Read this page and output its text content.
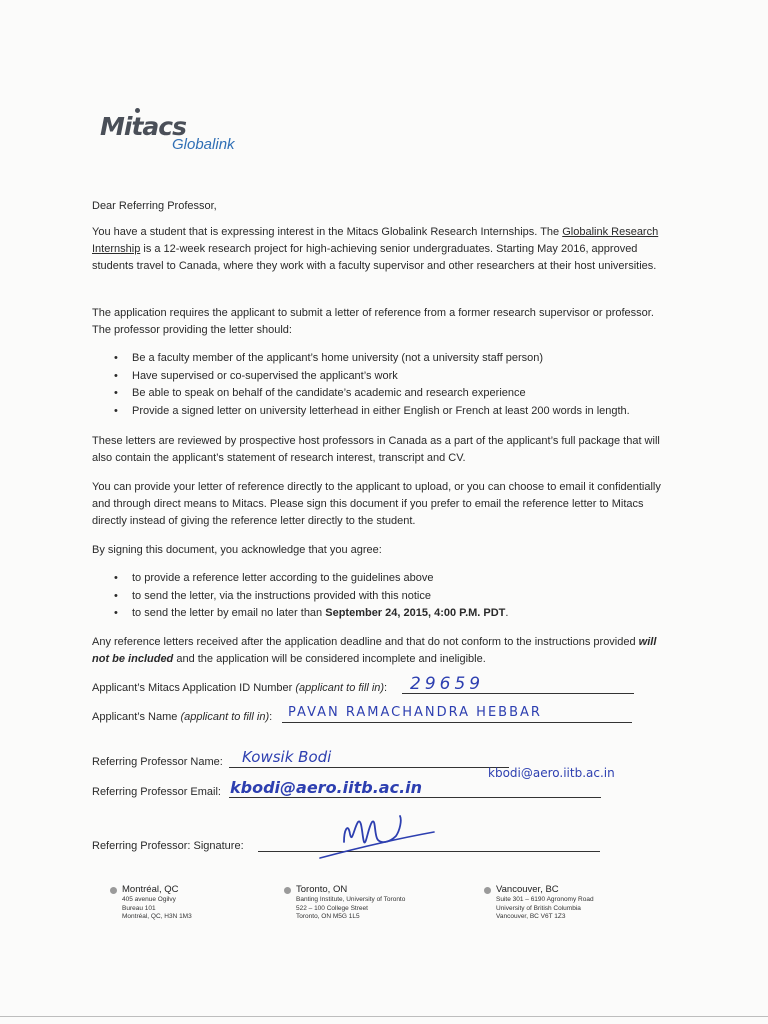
Mitacs
Globalink
Dear Referring Professor,
You have a student that is expressing interest in the Mitacs Globalink Research Internships. The Globalink Research Internship is a 12-week research project for high-achieving senior undergraduates. Starting May 2016, approved students travel to Canada, where they work with a faculty supervisor and other researchers at their host universities.
The application requires the applicant to submit a letter of reference from a former research supervisor or professor. The professor providing the letter should:
• Be a faculty member of the applicant’s home university (not a university staff person)
• Have supervised or co-supervised the applicant’s work
• Be able to speak on behalf of the candidate’s academic and research experience
• Provide a signed letter on university letterhead in either English or French at least 200 words in length.
These letters are reviewed by prospective host professors in Canada as a part of the applicant’s full package that will also contain the applicant’s statement of research interest, transcript and CV.
You can provide your letter of reference directly to the applicant to upload, or you can choose to email it confidentially and through direct means to Mitacs. Please sign this document if you prefer to email the reference letter to Mitacs directly instead of giving the reference letter directly to the student.
By signing this document, you acknowledge that you agree:
• to provide a reference letter according to the guidelines above
• to send the letter, via the instructions provided with this notice
• to send the letter by email no later than September 24, 2015, 4:00 P.M. PDT.
Any reference letters received after the application deadline and that do not conform to the instructions provided will not be included and the application will be considered incomplete and ineligible.
Applicant’s Mitacs Application ID Number (applicant to fill in): 29659
Applicant’s Name (applicant to fill in): PAVAN RAMACHANDRA HEBBAR
Referring Professor Name: Kowsik Bodi
Referring Professor Email: kbodi@aero.iitb.ac.in
kbodi@aero.iitb.ac.in
Referring Professor: Signature:
Montréal, QC
405 avenue Ogilvy
Bureau 101
Montréal, QC, H3N 1M3
Toronto, ON
Banting Institute, University of Toronto
522 – 100 College Street
Toronto, ON M5G 1L5
Vancouver, BC
Suite 301 – 6190 Agronomy Road
University of British Columbia
Vancouver, BC V6T 1Z3
